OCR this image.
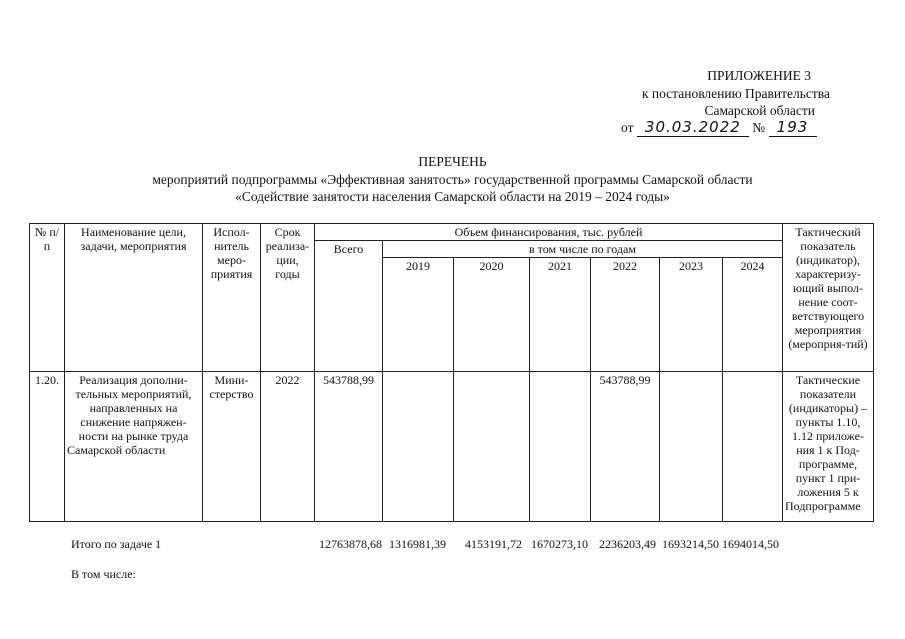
ПРИЛОЖЕНИЕ 3
к постановлению Правительства
Самарской области
от 30.03.2022 № 193
ПЕРЕЧЕНЬ
мероприятий подпрограммы «Эффективная занятость» государственной программы Самарской области
«Содействие занятости населения Самарской области на 2019 – 2024 годы»
№ п/п	Наименование цели, задачи, мероприятия	Испол-нитель меро-приятия	Срок реализа-ции, годы	Объем финансирования, тыс. рублей							Тактический показатель (индикатор), характеризу-ющий выпол-нение соот-ветствующего мероприятия (мероприя-тий)
				Всего	в том числе по годам						
					2019	2020	2021	2022	2023	2024	
1.20.	Реализация дополни-тельных мероприятий, направленных на снижение напряжен-ности на рынке труда Самарской области	Мини-стерство	2022	543788,99				543788,99			Тактические показатели (индикаторы) – пункты 1.10, 1.12 приложе-ния 1 к Под-программе, пункт 1 при-ложения 5 к Подпрограмме
Итого по задаче 1	12763878,68 1316981,39 4153191,72 1670273,10 2236203,49 1693214,50 1694014,50
В том числе:
